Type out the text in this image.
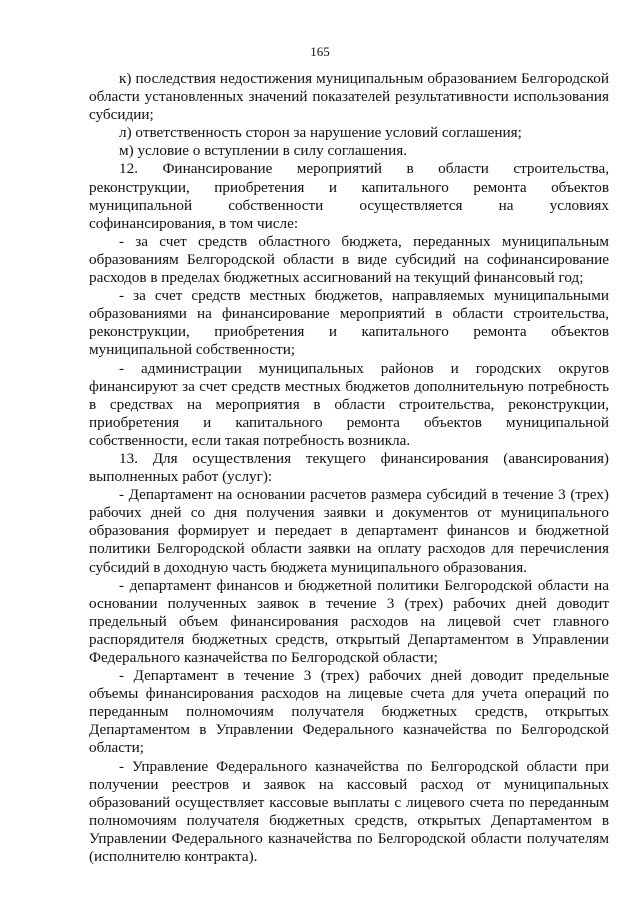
165

к) последствия недостижения муниципальным образованием Белгородской области установленных значений показателей результативности использования субсидии;

л) ответственность сторон за нарушение условий соглашения;

м) условие о вступлении в силу соглашения.

12. Финансирование мероприятий в области строительства, реконструкции, приобретения и капитального ремонта объектов муниципальной собственности осуществляется на условиях софинансирования, в том числе:

- за счет средств областного бюджета, переданных муниципальным образованиям Белгородской области в виде субсидий на софинансирование расходов в пределах бюджетных ассигнований на текущий финансовый год;

- за счет средств местных бюджетов, направляемых муниципальными образованиями на финансирование мероприятий в области строительства, реконструкции, приобретения и капитального ремонта объектов муниципальной собственности;

- администрации муниципальных районов и городских округов финансируют за счет средств местных бюджетов дополнительную потребность в средствах на мероприятия в области строительства, реконструкции, приобретения и капитального ремонта объектов муниципальной собственности, если такая потребность возникла.

13. Для осуществления текущего финансирования (авансирования) выполненных работ (услуг):

- Департамент на основании расчетов размера субсидий в течение 3 (трех) рабочих дней со дня получения заявки и документов от муниципального образования формирует и передает в департамент финансов и бюджетной политики Белгородской области заявки на оплату расходов для перечисления субсидий в доходную часть бюджета муниципального образования.

- департамент финансов и бюджетной политики Белгородской области на основании полученных заявок в течение 3 (трех) рабочих дней доводит предельный объем финансирования расходов на лицевой счет главного распорядителя бюджетных средств, открытый Департаментом в Управлении Федерального казначейства по Белгородской области;

- Департамент в течение 3 (трех) рабочих дней доводит предельные объемы финансирования расходов на лицевые счета для учета операций по переданным полномочиям получателя бюджетных средств, открытых Департаментом в Управлении Федерального казначейства по Белгородской области;

- Управление Федерального казначейства по Белгородской области при получении реестров и заявок на кассовый расход от муниципальных образований осуществляет кассовые выплаты с лицевого счета по переданным полномочиям получателя бюджетных средств, открытых Департаментом в Управлении Федерального казначейства по Белгородской области получателям (исполнителю контракта).
